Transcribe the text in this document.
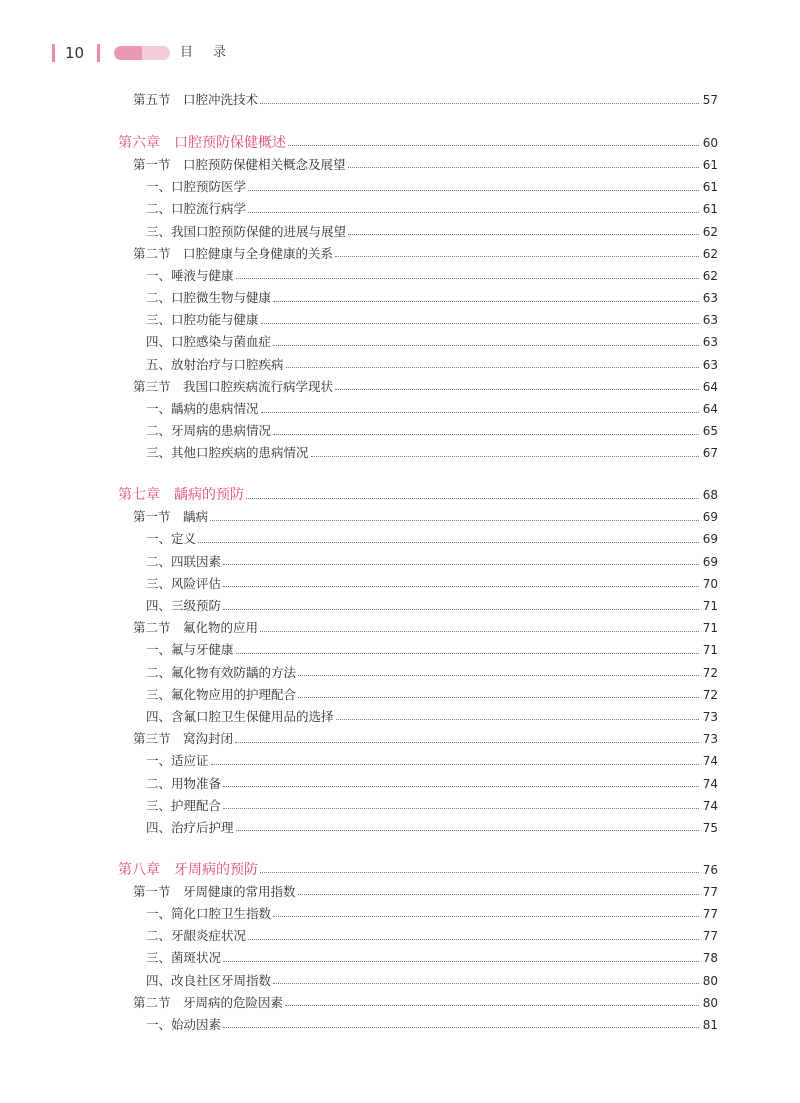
10	目录
第五节　口腔冲洗技术	57
第六章　口腔预防保健概述	60
第一节　口腔预防保健相关概念及展望	61
一、口腔预防医学	61
二、口腔流行病学	61
三、我国口腔预防保健的进展与展望	62
第二节　口腔健康与全身健康的关系	62
一、唾液与健康	62
二、口腔微生物与健康	63
三、口腔功能与健康	63
四、口腔感染与菌血症	63
五、放射治疗与口腔疾病	63
第三节　我国口腔疾病流行病学现状	64
一、龋病的患病情况	64
二、牙周病的患病情况	65
三、其他口腔疾病的患病情况	67
第七章　龋病的预防	68
第一节　龋病	69
一、定义	69
二、四联因素	69
三、风险评估	70
四、三级预防	71
第二节　氟化物的应用	71
一、氟与牙健康	71
二、氟化物有效防龋的方法	72
三、氟化物应用的护理配合	72
四、含氟口腔卫生保健用品的选择	73
第三节　窝沟封闭	73
一、适应证	74
二、用物准备	74
三、护理配合	74
四、治疗后护理	75
第八章　牙周病的预防	76
第一节　牙周健康的常用指数	77
一、简化口腔卫生指数	77
二、牙龈炎症状况	77
三、菌斑状况	78
四、改良社区牙周指数	80
第二节　牙周病的危险因素	80
一、始动因素	81
